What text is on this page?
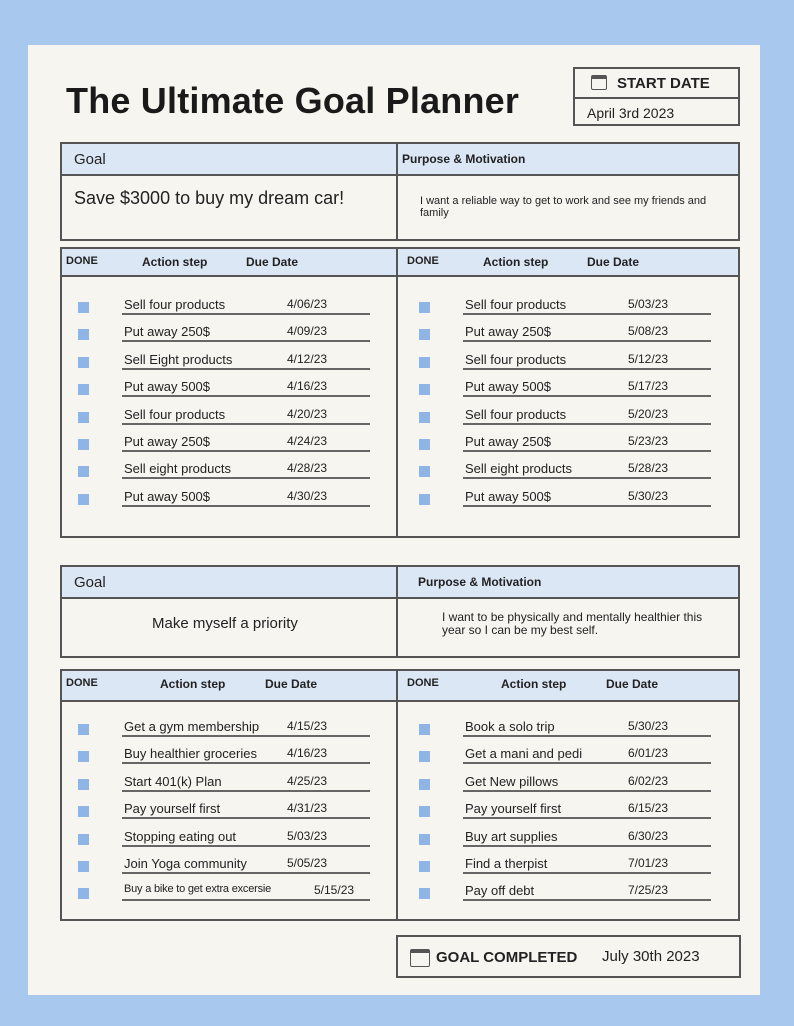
The Ultimate Goal Planner	START DATE
April 3rd 2023
Goal	Purpose & Motivation
Save $3000 to buy my dream car!	I want a reliable way to get to work and see my friends and family
DONE	Action step	Due Date
Sell four products	4/06/23
Put away 250$	4/09/23
Sell Eight products	4/12/23
Put away 500$	4/16/23
Sell four products	4/20/23
Put away 250$	4/24/23
Sell eight products	4/28/23
Put away 500$	4/30/23
DONE	Action step	Due Date
Sell four products	5/03/23
Put away 250$	5/08/23
Sell four products	5/12/23
Put away 500$	5/17/23
Sell four products	5/20/23
Put away 250$	5/23/23
Sell eight products	5/28/23
Put away 500$	5/30/23
Goal	Purpose & Motivation
Make myself a priority	I want to be physically and mentally healthier this year so I can be my best self.
DONE	Action step	Due Date
Get a gym membership 4/15/23
Buy healthier groceries	4/16/23
Start 401(k) Plan	4/25/23
Pay yourself first	4/31/23
Stopping eating out	5/03/23
Join Yoga community	5/05/23
Buy a bike to get extra excersie	5/15/23
DONE	Action step	Due Date
Book a solo trip	5/30/23
Get a mani and pedi	6/01/23
Get New pillows	6/02/23
Pay yourself first	6/15/23
Buy art supplies	6/30/23
Find a therpist	7/01/23
Pay off debt	7/25/23
GOAL COMPLETED July 30th 2023
